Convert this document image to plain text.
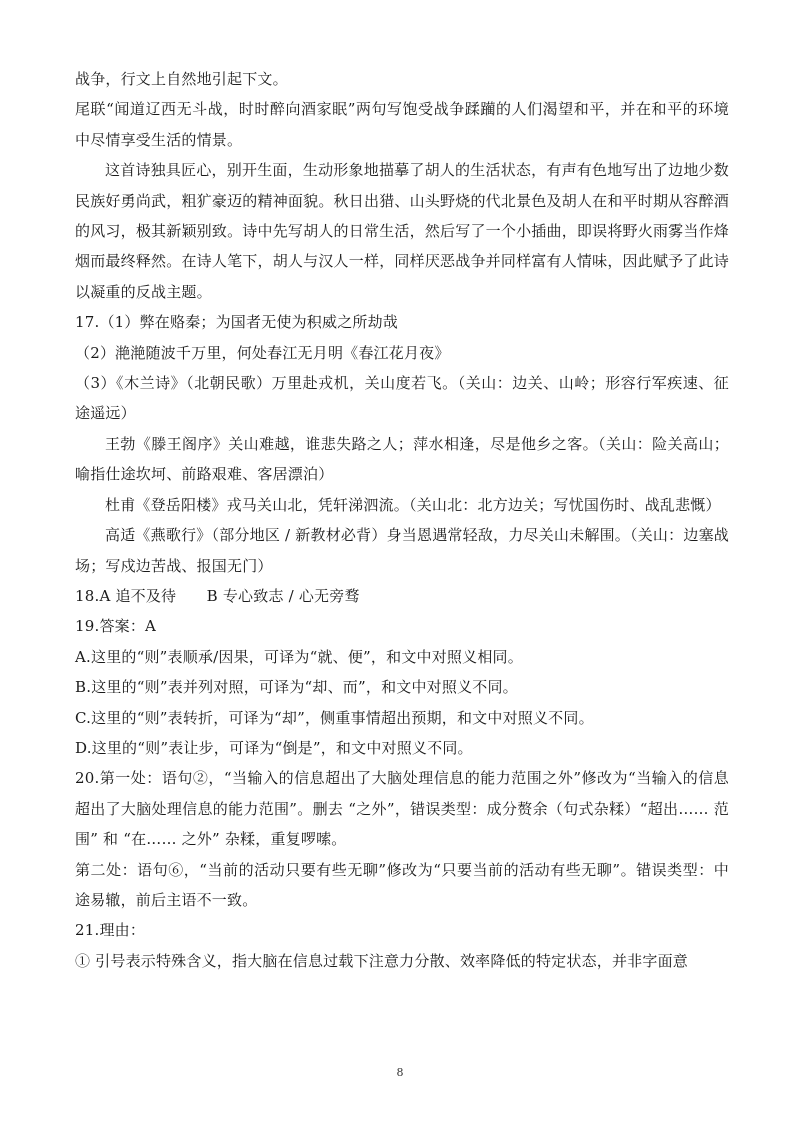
战争，行文上自然地引起下文。

尾联“闻道辽西无斗战，时时醉向酒家眠”两句写饱受战争蹂躏的人们渴望和平，并在和平的环境中尽情享受生活的情景。

这首诗独具匠心，别开生面，生动形象地描摹了胡人的生活状态，有声有色地写出了边地少数民族好勇尚武，粗犷豪迈的精神面貌。秋日出猎、山头野烧的代北景色及胡人在和平时期从容醉酒的风习，极其新颖别致。诗中先写胡人的日常生活，然后写了一个小插曲，即误将野火雨雾当作烽烟而最终释然。在诗人笔下，胡人与汉人一样，同样厌恶战争并同样富有人情味，因此赋予了此诗以凝重的反战主题。

17.（1）弊在赂秦；为国者无使为积威之所劫哉

（2）滟滟随波千万里，何处春江无月明《春江花月夜》

（3）《木兰诗》（北朝民歌）万里赴戎机，关山度若飞。（关山：边关、山岭；形容行军疾速、征途遥远）

王勃《滕王阁序》关山难越，谁悲失路之人；萍水相逢，尽是他乡之客。（关山：险关高山；喻指仕途坎坷、前路艰难、客居漂泊）

杜甫《登岳阳楼》戎马关山北，凭轩涕泗流。（关山北：北方边关；写忧国伤时、战乱悲慨）

高适《燕歌行》（部分地区 / 新教材必背）身当恩遇常轻敌，力尽关山未解围。（关山：边塞战场；写戍边苦战、报国无门）

18.A 追不及待　　B 专心致志 / 心无旁骛

19.答案：A

A.这里的“则”表顺承/因果，可译为“就、便”，和文中对照义相同。

B.这里的“则”表并列对照，可译为“却、而”，和文中对照义不同。

C.这里的“则”表转折，可译为“却”，侧重事情超出预期，和文中对照义不同。

D.这里的“则”表让步，可译为“倒是”，和文中对照义不同。

20.第一处：语句②，“当输入的信息超出了大脑处理信息的能力范围之外”修改为“当输入的信息超出了大脑处理信息的能力范围”。删去 “之外”，错误类型：成分赘余（句式杂糅）“超出…… 范围” 和 “在…… 之外” 杂糅，重复啰嗦。

第二处：语句⑥，“当前的活动只要有些无聊”修改为“只要当前的活动有些无聊”。错误类型：中途易辙，前后主语不一致。

21.理由：

① 引号表示特殊含义，指大脑在信息过载下注意力分散、效率降低的特定状态，并非字面意

8
